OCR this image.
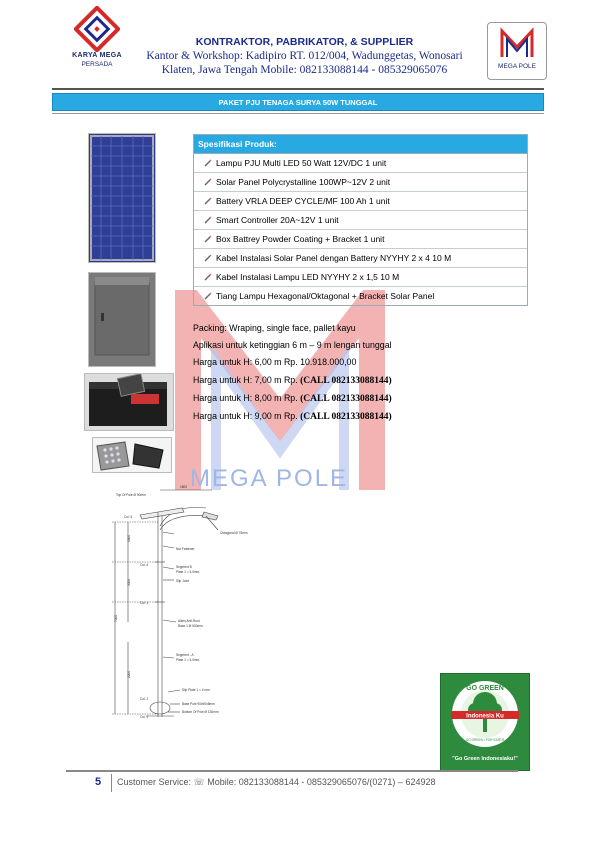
KARYA MEGA
PERSADA
KONTRAKTOR, PABRIKATOR, & SUPPLIER
Kantor & Workshop: Kadipiro RT. 012/004, Wadunggetas, Wonosari
Klaten, Jawa Tengah Mobile: 082133088144 - 085329065076	MEGA POLE
PAKET PJU TENAGA SURYA 50W TUNGGAL
MEGA POLE
Spesifikasi Produk:
Lampu PJU Multi LED 50 Watt 12V/DC 1 unit
Solar Panel Polycrystalline 100WP~12V 2 unit
Battery VRLA DEEP CYCLE/MF 100 Ah 1 unit
Smart Controller 20A~12V 1 unit
Box Battrey Powder Coating + Bracket 1 unit
Kabel Instalasi Solar Panel dengan Battery NYYHY 2 x 4 10 M
Kabel Instalasi Lampu LED NYYHY 2 x 1,5 10 M
Tiang Lampu Hexagonal/Oktagonal + Bracket Solar Panel
Packing: Wraping, single face, pallet kayu
Aplikasi untuk ketinggian 6 m – 9 m lengan tunggal
Harga untuk H: 6,00 m Rp. 10.918.000,00
Harga untuk H: 7,00 m Rp. (CALL 082133088144)
Harga untuk H: 8,00 m Rp. (CALL 082133088144)
Harga untuk H: 9,00 m Rp. (CALL 082133088144)
Top Of Pole Ø 90mm
1800
Octagonal Ø 76mm
Nut Fastener
Segment B
Plate 1 = 4,0mm
Slip Joint
Alkes Anti-Rust
Base 1 Ø 500mm
Segment - A
Plate 1 = 4,0mm
Slip Plate 1 = 4 mm
Base Pole 90x90x8mm
Bottom Of Pole Ø 130mm
1800
3000
7000
2000
Col. 5
Col. 4
Col. 3
Col. 2
Col. 1
GO GREEN
Indonesia Ku
GO GREEN • FOR EARTH
"Go Green Indonesiaku!"
5 Customer Service: ☏ Mobile: 082133088144 - 085329065076/(0271) – 624928
